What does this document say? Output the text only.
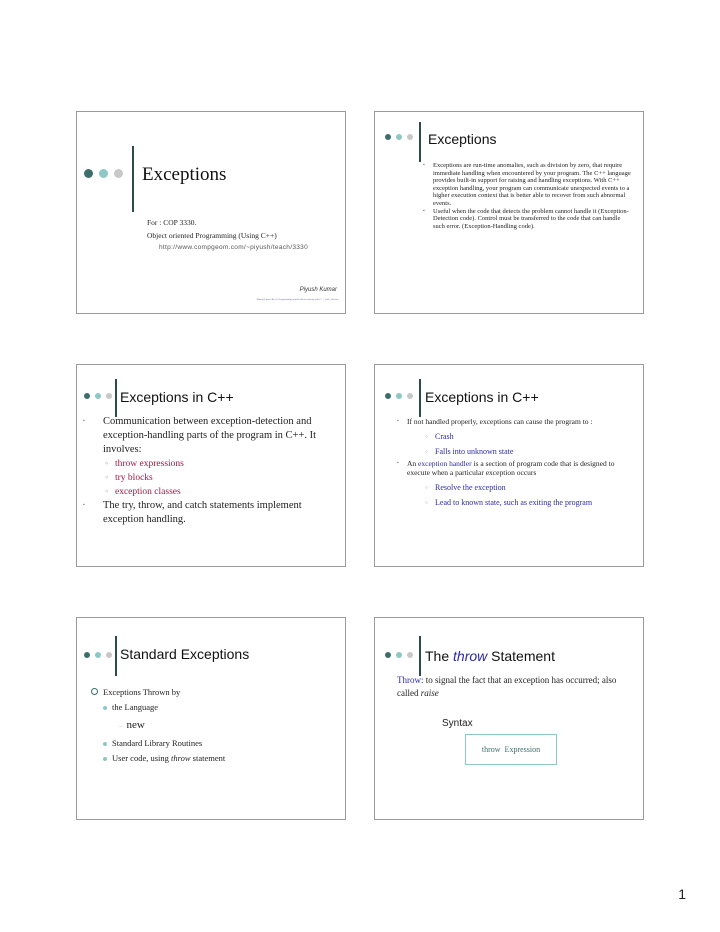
Exceptions
For : COP 3330.
Object oriented Programming (Using C++)
http://www.compgeom.com/~piyush/teach/3330
Piyush Kumar
Material from 4th ed. Programming and Problem solving with C++, Dale, Weems.
Exceptions
▪ Exceptions are run-time anomalies, such as division by zero, that require immediate handling when encountered by your program. The C++ language provides built-in support for raising and handling exceptions. With C++ exception handling, your program can communicate unexpected events to a higher execution context that is better able to recover from such abnormal events.
▪ Useful when the code that detects the problem cannot handle it (Exception-Detection code). Control must be transferred to the code that can handle such error. (Exception-Handling code).
Exceptions in C++
▪ Communication between exception-detection and exception-handling parts of the program in C++. It involves:
◦ throw expressions
◦ try blocks
◦ exception classes
▪ The try, throw, and catch statements implement exception handling.
Exceptions in C++
▪ If not handled properly, exceptions can cause the program to :
◦ Crash
◦ Falls into unknown state
▪ An exception handler is a section of program code that is designed to execute when a particular exception occurs
◦ Resolve the exception
◦ Lead to known state, such as exiting the program
Standard Exceptions
Exceptions Thrown by
the Language
– new
Standard Library Routines
User code, using throw statement
The throw Statement
Throw: to signal the fact that an exception has occurred; also called raise
Syntax
throw  Expression
1
